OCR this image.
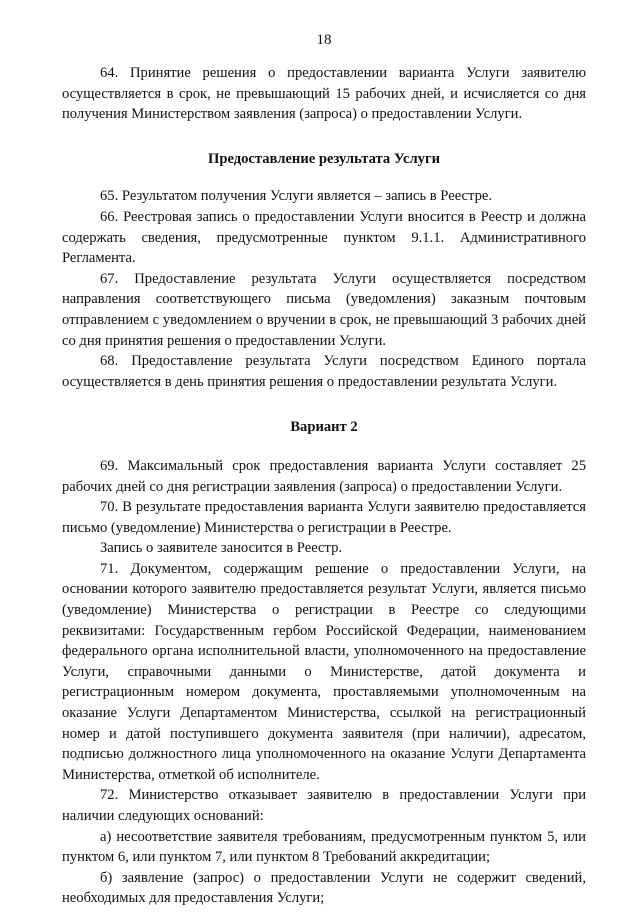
18

64. Принятие решения о предоставлении варианта Услуги заявителю осуществляется в срок, не превышающий 15 рабочих дней, и исчисляется со дня получения Министерством заявления (запроса) о предоставлении Услуги.

Предоставление результата Услуги

65. Результатом получения Услуги является – запись в Реестре.

66. Реестровая запись о предоставлении Услуги вносится в Реестр и должна содержать сведения, предусмотренные пунктом 9.1.1. Административного Регламента.

67. Предоставление результата Услуги осуществляется посредством направления соответствующего письма (уведомления) заказным почтовым отправлением с уведомлением о вручении в срок, не превышающий 3 рабочих дней со дня принятия решения о предоставлении Услуги.

68. Предоставление результата Услуги посредством Единого портала осуществляется в день принятия решения о предоставлении результата Услуги.

Вариант 2

69. Максимальный срок предоставления варианта Услуги составляет 25 рабочих дней со дня регистрации заявления (запроса) о предоставлении Услуги.

70. В результате предоставления варианта Услуги заявителю предоставляется письмо (уведомление) Министерства о регистрации в Реестре.

Запись о заявителе заносится в Реестр.

71. Документом, содержащим решение о предоставлении Услуги, на основании которого заявителю предоставляется результат Услуги, является письмо (уведомление) Министерства о регистрации в Реестре со следующими реквизитами: Государственным гербом Российской Федерации, наименованием федерального органа исполнительной власти, уполномоченного на предоставление Услуги, справочными данными о Министерстве, датой документа и регистрационным номером документа, проставляемыми уполномоченным на оказание Услуги Департаментом Министерства, ссылкой на регистрационный номер и датой поступившего документа заявителя (при наличии), адресатом, подписью должностного лица уполномоченного на оказание Услуги Департамента Министерства, отметкой об исполнителе.

72. Министерство отказывает заявителю в предоставлении Услуги при наличии следующих оснований:

а) несоответствие заявителя требованиям, предусмотренным пунктом 5, или пунктом 6, или пунктом 7, или пунктом 8 Требований аккредитации;

б) заявление (запрос) о предоставлении Услуги не содержит сведений, необходимых для предоставления Услуги;
